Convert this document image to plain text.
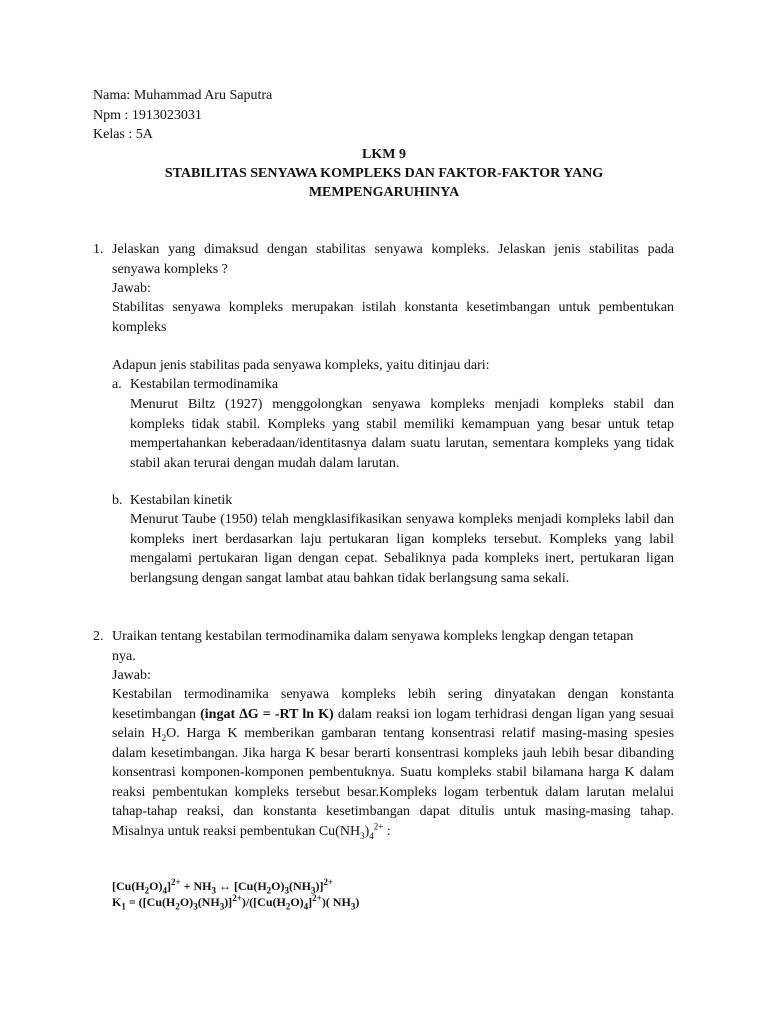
Nama: Muhammad Aru Saputra
Npm : 1913023031
Kelas : 5A
LKM 9
STABILITAS SENYAWA KOMPLEKS DAN FAKTOR-FAKTOR YANG
MEMPENGARUHINYA
1. Jelaskan yang dimaksud dengan stabilitas senyawa kompleks. Jelaskan jenis stabilitas pada senyawa kompleks ?
Jawab:
Stabilitas senyawa kompleks merupakan istilah konstanta kesetimbangan untuk pembentukan kompleks
Adapun jenis stabilitas pada senyawa kompleks, yaitu ditinjau dari:
a. Kestabilan termodinamika
Menurut Biltz (1927) menggolongkan senyawa kompleks menjadi kompleks stabil dan kompleks tidak stabil. Kompleks yang stabil memiliki kemampuan yang besar untuk tetap mempertahankan keberadaan/identitasnya dalam suatu larutan, sementara kompleks yang tidak stabil akan terurai dengan mudah dalam larutan.
b. Kestabilan kinetik
Menurut Taube (1950) telah mengklasifikasikan senyawa kompleks menjadi kompleks labil dan kompleks inert berdasarkan laju pertukaran ligan kompleks tersebut. Kompleks yang labil mengalami pertukaran ligan dengan cepat. Sebaliknya pada kompleks inert, pertukaran ligan berlangsung dengan sangat lambat atau bahkan tidak berlangsung sama sekali.
2. Uraikan tentang kestabilan termodinamika dalam senyawa kompleks lengkap dengan tetapan nya.
Jawab:
Kestabilan termodinamika senyawa kompleks lebih sering dinyatakan dengan konstanta kesetimbangan (ingat ∆G = -RT ln K) dalam reaksi ion logam terhidrasi dengan ligan yang sesuai selain $H_2O$. Harga K memberikan gambaran tentang konsentrasi relatif masing-masing spesies dalam kesetimbangan. Jika harga K besar berarti konsentrasi kompleks jauh lebih besar dibanding konsentrasi komponen-komponen pembentuknya. Suatu kompleks stabil bilamana harga K dalam reaksi pembentukan kompleks tersebut besar.Kompleks logam terbentuk dalam larutan melalui tahap-tahap reaksi, dan konstanta kesetimbangan dapat ditulis untuk masing-masing tahap. Misalnya untuk reaksi pembentukan $Cu(NH_3)_4^{2+}$ :
$[Cu(H_2O)_4]^{2+} + NH_3$ ↔ $[Cu(H_2O)_3(NH_3)]^{2+}$
$K_1 = ([Cu(H_2O)_3(NH_3)]^{2+})/([Cu(H_2O)_4]^{2+})$( $NH_3$)
